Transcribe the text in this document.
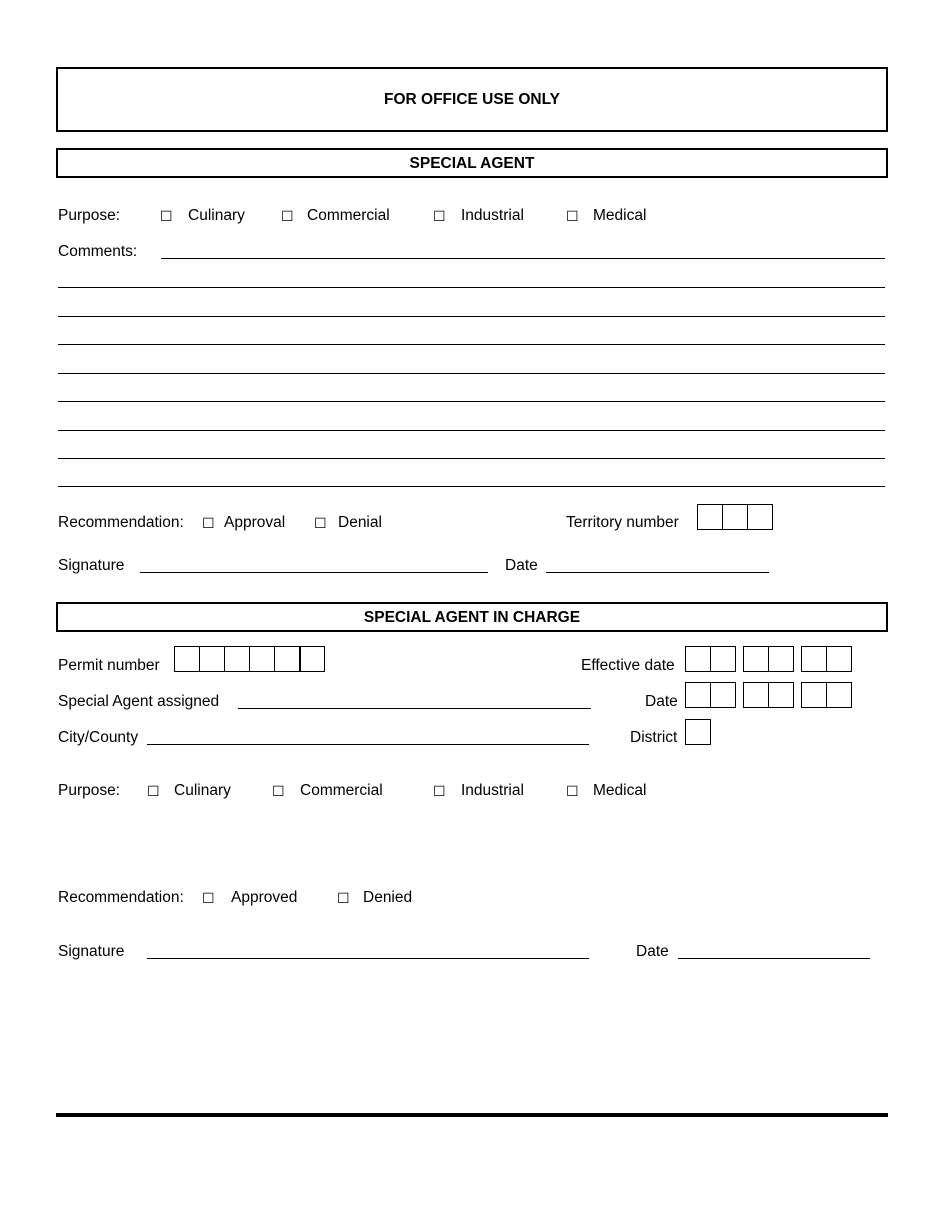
FOR OFFICE USE ONLY
SPECIAL AGENT
Purpose:	☐ Culinary	☐ Commercial	☐ Industrial	☐ Medical
Comments:
Recommendation: ☐ Approval ☐ Denial	Territory number
Signature	Date
SPECIAL AGENT IN CHARGE
Permit number	Effective date
Special Agent assigned	Date
City/County	District
Purpose: ☐ Culinary	☐ Commercial	☐ Industrial	☐ Medical
Recommendation: ☐ Approved	☐ Denied
Signature	Date
